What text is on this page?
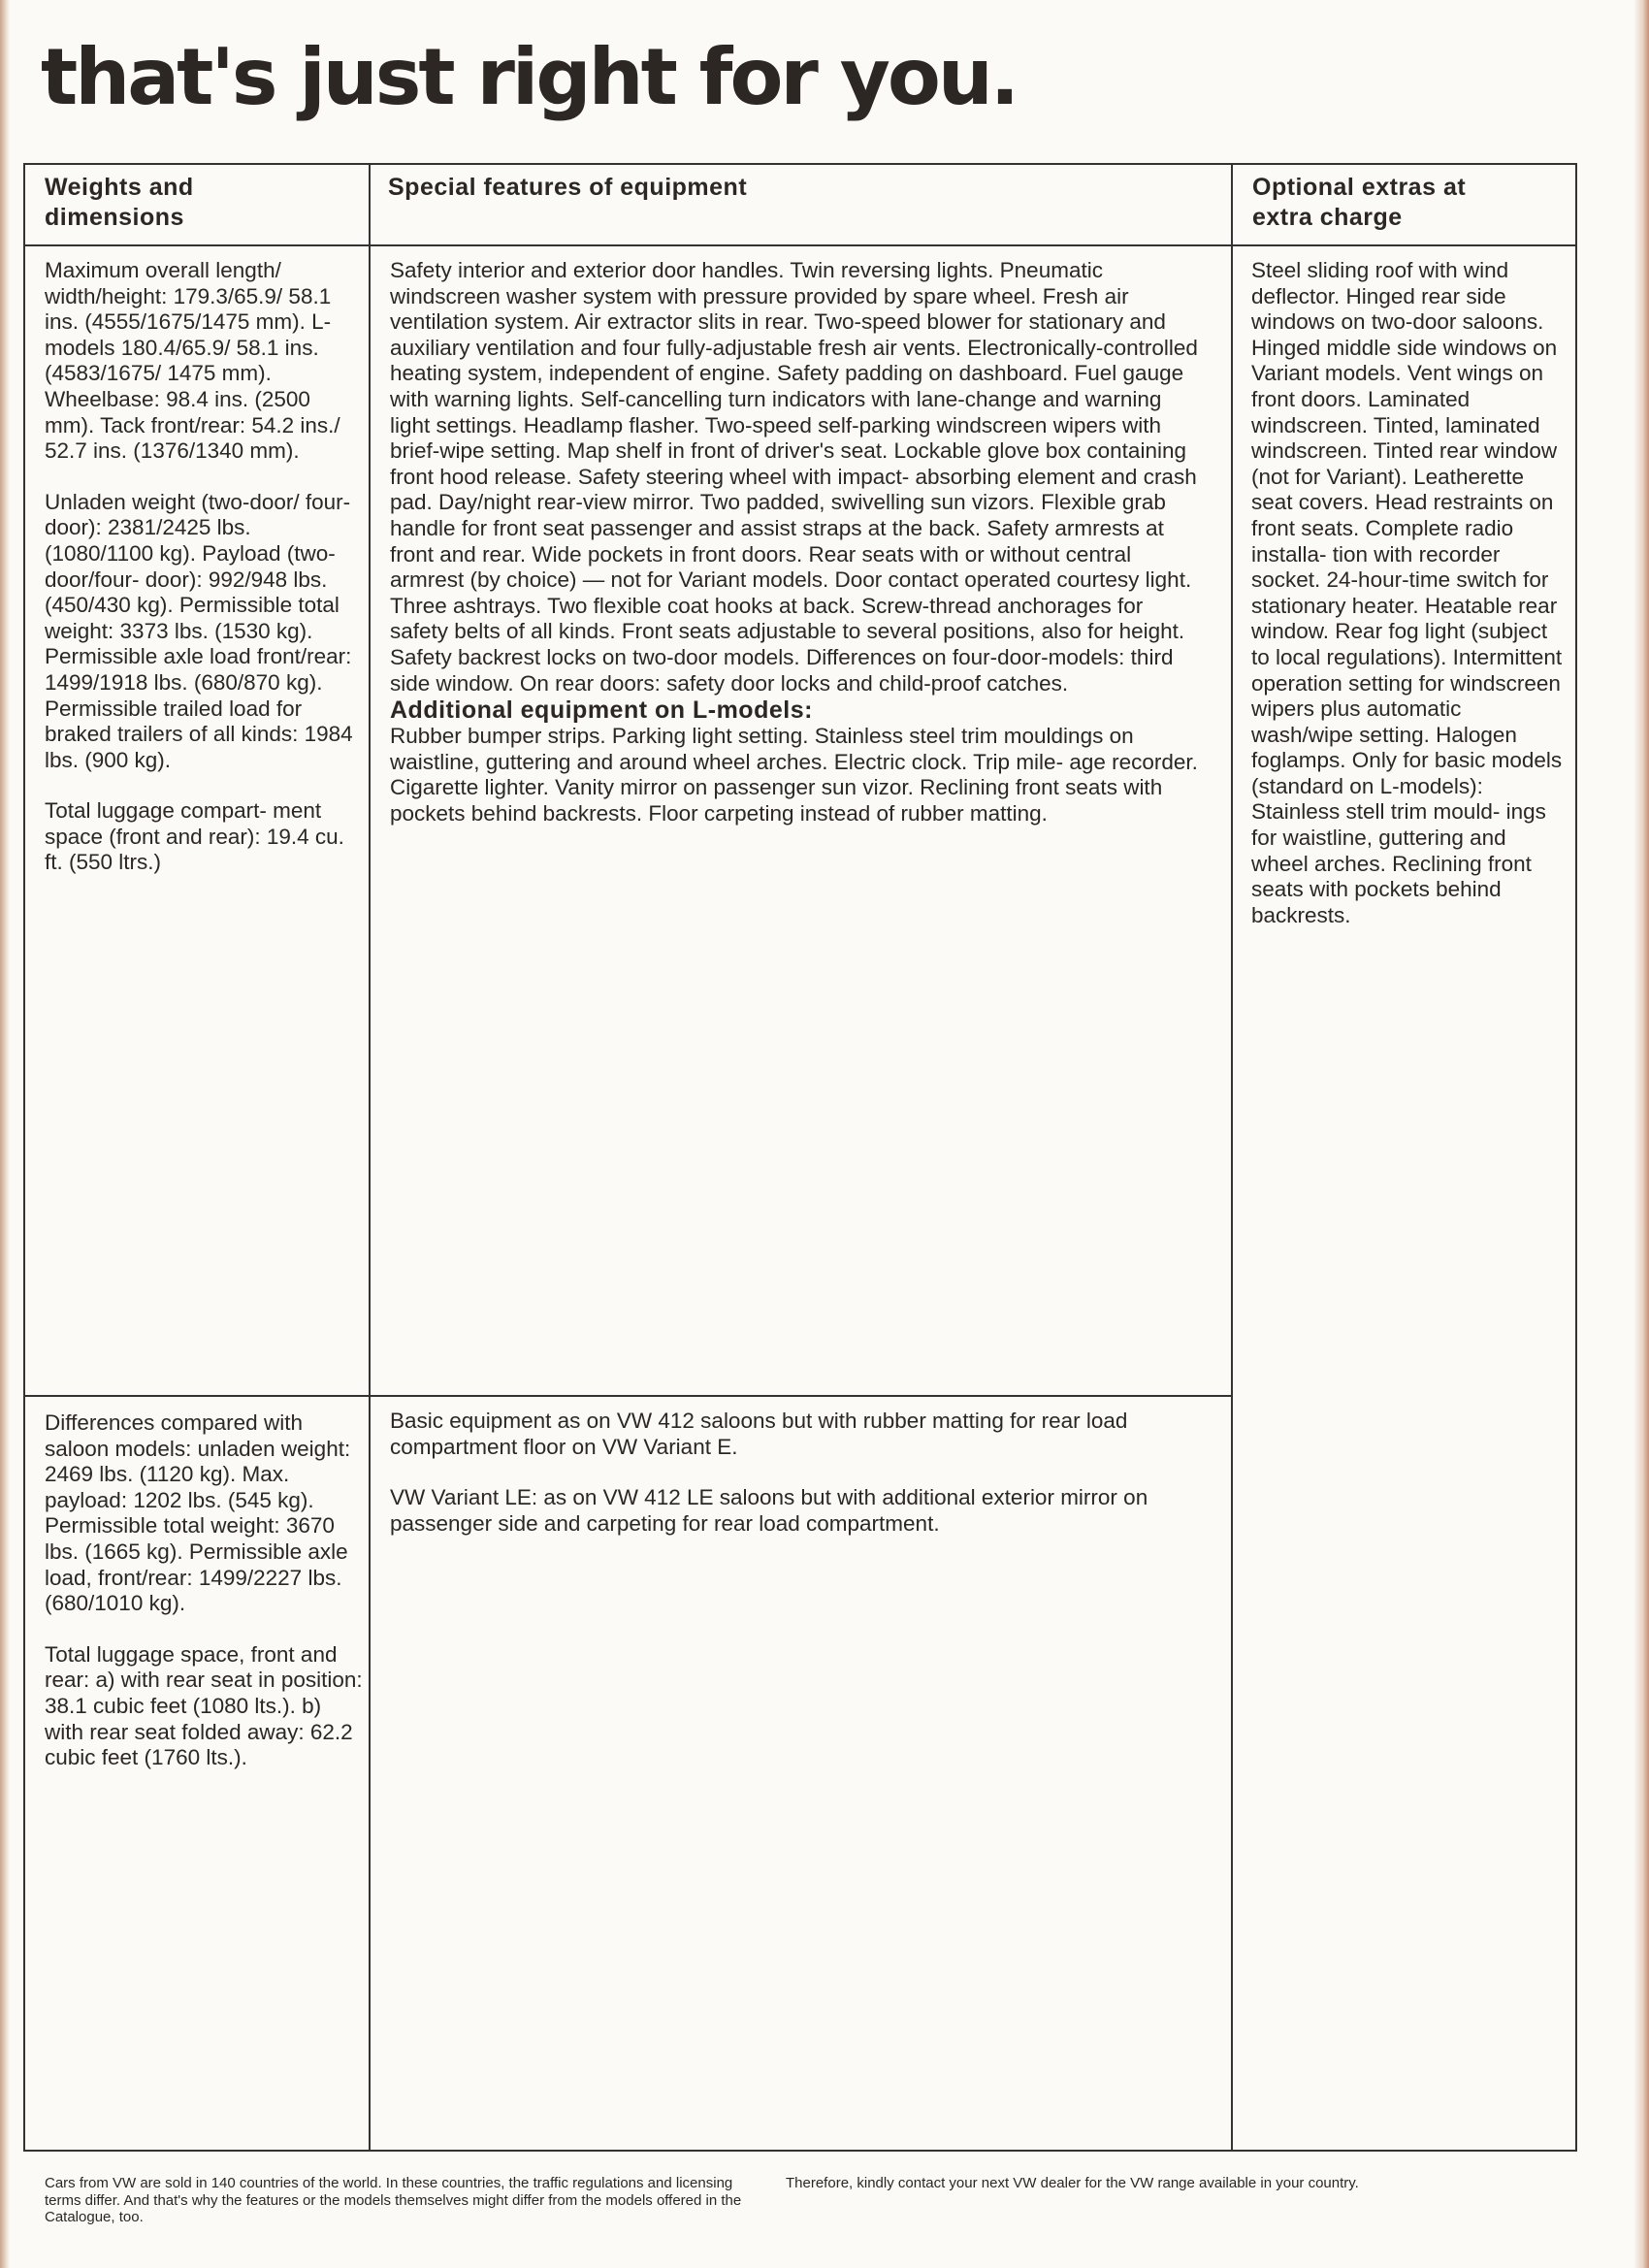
that's just right for you.
Weights and dimensions
Special features of equipment	Optional extras at extra charge

Maximum overall length/ width/height: 179.3/65.9/ 58.1 ins. (4555/1675/1475 mm). L-models 180.4/65.9/ 58.1 ins. (4583/1675/ 1475 mm). Wheelbase: 98.4 ins. (2500 mm). Tack front/rear: 54.2 ins./ 52.7 ins. (1376/1340 mm).

Unladen weight (two-door/ four-door): 2381/2425 lbs. (1080/1100 kg). Payload (two-door/four- door): 992/948 lbs. (450/430 kg). Permissible total weight: 3373 lbs. (1530 kg). Permissible axle load front/rear: 1499/1918 lbs. (680/870 kg). Permissible trailed load for braked trailers of all kinds: 1984 lbs. (900 kg).

Total luggage compart- ment space (front and rear): 19.4 cu. ft. (550 ltrs.)

Safety interior and exterior door handles. Twin reversing lights. Pneumatic windscreen washer system with pressure provided by spare wheel. Fresh air ventilation system. Air extractor slits in rear. Two-speed blower for stationary and auxiliary ventilation and four fully-adjustable fresh air vents. Electronically-controlled heating system, independent of engine. Safety padding on dashboard. Fuel gauge with warning lights. Self-cancelling turn indicators with lane-change and warning light settings. Headlamp flasher. Two-speed self-parking windscreen wipers with brief-wipe setting. Map shelf in front of driver's seat. Lockable glove box containing front hood release. Safety steering wheel with impact- absorbing element and crash pad. Day/night rear-view mirror. Two padded, swivelling sun vizors. Flexible grab handle for front seat passenger and assist straps at the back. Safety armrests at front and rear. Wide pockets in front doors. Rear seats with or without central armrest (by choice) — not for Variant models. Door contact operated courtesy light. Three ashtrays. Two flexible coat hooks at back. Screw-thread anchorages for safety belts of all kinds. Front seats adjustable to several positions, also for height. Safety backrest locks on two-door models. Differences on four-door-models: third side window. On rear doors: safety door locks and child-proof catches.

Additional equipment on L-models:

Rubber bumper strips. Parking light setting. Stainless steel trim mouldings on waistline, guttering and around wheel arches. Electric clock. Trip mile- age recorder. Cigarette lighter. Vanity mirror on passenger sun vizor. Reclining front seats with pockets behind backrests. Floor carpeting instead of rubber matting.

Steel sliding roof with wind deflector. Hinged rear side windows on two-door saloons. Hinged middle side windows on Variant models. Vent wings on front doors. Laminated windscreen. Tinted, laminated windscreen. Tinted rear window (not for Variant). Leatherette seat covers. Head restraints on front seats. Complete radio installa- tion with recorder socket. 24-hour-time switch for stationary heater. Heatable rear window. Rear fog light (subject to local regulations). Intermittent operation setting for windscreen wipers plus automatic wash/wipe setting. Halogen foglamps. Only for basic models (standard on L-models): Stainless stell trim mould- ings for waistline, guttering and wheel arches. Reclining front seats with pockets behind backrests.

Differences compared with saloon models: unladen weight: 2469 lbs. (1120 kg). Max. payload: 1202 lbs. (545 kg). Permissible total weight: 3670 lbs. (1665 kg). Permissible axle load, front/rear: 1499/2227 lbs. (680/1010 kg).

Total luggage space, front and rear: a) with rear seat in position: 38.1 cubic feet (1080 lts.). b) with rear seat folded away: 62.2 cubic feet (1760 lts.).

Basic equipment as on VW 412 saloons but with rubber matting for rear load compartment floor on VW Variant E.

VW Variant LE: as on VW 412 LE saloons but with additional exterior mirror on passenger side and carpeting for rear load compartment.

Cars from VW are sold in 140 countries of the world. In these countries, the traffic regulations and licensing terms differ. And that's why the features or the models themselves might differ from the models offered in the Catalogue, too.
Therefore, kindly contact your next VW dealer for the VW range available in your country.
